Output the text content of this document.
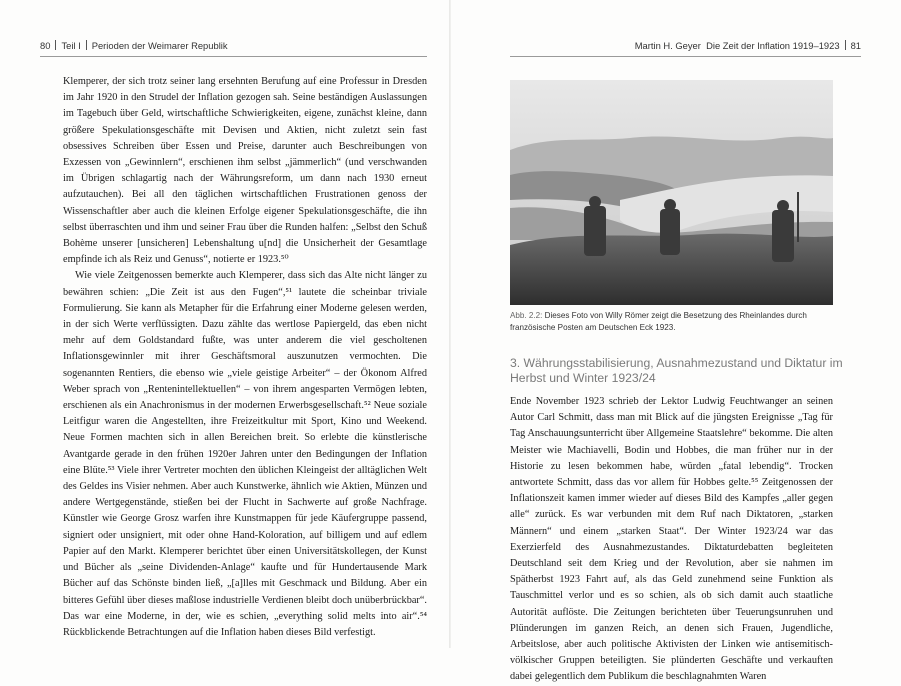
80 Teil I Perioden der Weimarer Republik	Martin H. Geyer Die Zeit der Inflation 1919–1923 81

Klemperer, der sich trotz seiner lang ersehnten Berufung auf eine Professur in Dresden im Jahr 1920 in den Strudel der Inflation gezogen sah. Seine beständigen Auslassungen im Tagebuch über Geld, wirtschaftliche Schwierigkeiten, eigene, zunächst kleine, dann größere Spekulationsgeschäfte mit Devisen und Aktien, nicht zuletzt sein fast obsessives Schreiben über Essen und Preise, darunter auch Beschreibungen von Exzessen von „Gewinnlern“, erschienen ihm selbst „jämmerlich“ (und verschwanden im Übrigen schlagartig nach der Währungsreform, um dann nach 1930 erneut aufzutauchen). Bei all den täglichen wirtschaftlichen Frustrationen genoss der Wissenschaftler aber auch die kleinen Erfolge eigener Spekulationsgeschäfte, die ihn selbst überraschten und ihm und seiner Frau über die Runden halfen: „Selbst den Schuß Bohème unserer [unsicheren] Lebenshaltung u[nd] die Unsicherheit der Gesamtlage empfinde ich als Reiz und Genuss“, notierte er 1923.⁵⁰

Wie viele Zeitgenossen bemerkte auch Klemperer, dass sich das Alte nicht länger zu bewähren schien: „Die Zeit ist aus den Fugen“,⁵¹ lautete die scheinbar triviale Formulierung. Sie kann als Metapher für die Erfahrung einer Moderne gelesen werden, in der sich Werte verflüssigten. Dazu zählte das wertlose Papiergeld, das eben nicht mehr auf dem Goldstandard fußte, was unter anderem die viel gescholtenen Inflationsgewinnler mit ihrer Geschäftsmoral auszunutzen vermochten. Die sogenannten Rentiers, die ebenso wie „viele geistige Arbeiter“ – der Ökonom Alfred Weber sprach von „Rentenintellektuellen“ – von ihrem angesparten Vermögen lebten, erschienen als ein Anachronismus in der modernen Erwerbsgesellschaft.⁵² Neue soziale Leitfigur waren die Angestellten, ihre Freizeitkultur mit Sport, Kino und Weekend. Neue Formen machten sich in allen Bereichen breit. So erlebte die künstlerische Avantgarde gerade in den frühen 1920er Jahren unter den Bedingungen der Inflation eine Blüte.⁵³ Viele ihrer Vertreter mochten den üblichen Kleingeist der alltäglichen Welt des Geldes ins Visier nehmen. Aber auch Kunstwerke, ähnlich wie Aktien, Münzen und andere Wertgegenstände, stießen bei der Flucht in Sachwerte auf große Nachfrage. Künstler wie George Grosz warfen ihre Kunstmappen für jede Käufergruppe passend, signiert oder unsigniert, mit oder ohne Hand-Koloration, auf billigem und auf edlem Papier auf den Markt. Klemperer berichtet über einen Universitätskollegen, der Kunst und Bücher als „seine Dividenden-Anlage“ kaufte und für Hundertausende Mark Bücher auf das Schönste binden ließ, „[a]lles mit Geschmack und Bildung. Aber ein bitteres Gefühl über dieses maßlose industrielle Verdienen bleibt doch unüberbrückbar“. Das war eine Moderne, in der, wie es schien, „everything solid melts into air“.⁵⁴ Rückblickende Betrachtungen auf die Inflation haben dieses Bild verfestigt.

Abb. 2.2: Dieses Foto von Willy Römer zeigt die Besetzung des Rheinlandes durch französische Posten am Deutschen Eck 1923.
3. Währungsstabilisierung, Ausnahmezustand und Diktatur im Herbst und Winter 1923/24

Ende November 1923 schrieb der Lektor Ludwig Feuchtwanger an seinen Autor Carl Schmitt, dass man mit Blick auf die jüngsten Ereignisse „Tag für Tag Anschauungsunterricht über Allgemeine Staatslehre“ bekomme. Die alten Meister wie Machiavelli, Bodin und Hobbes, die man früher nur in der Historie zu lesen bekommen habe, würden „fatal lebendig“. Trocken antwortete Schmitt, dass das vor allem für Hobbes gelte.⁵⁵ Zeitgenossen der Inflationszeit kamen immer wieder auf dieses Bild des Kampfes „aller gegen alle“ zurück. Es war verbunden mit dem Ruf nach Diktatoren, „starken Männern“ und einem „starken Staat“. Der Winter 1923/24 war das Exerzierfeld des Ausnahmezustandes. Diktaturdebatten begleiteten Deutschland seit dem Krieg und der Revolution, aber sie nahmen im Spätherbst 1923 Fahrt auf, als das Geld zunehmend seine Funktion als Tauschmittel verlor und es so schien, als ob sich damit auch staatliche Autorität auflöste. Die Zeitungen berichteten über Teuerungsunruhen und Plünderungen im ganzen Reich, an denen sich Frauen, Jugendliche, Arbeitslose, aber auch politische Aktivisten der Linken wie antisemitisch-völkischer Gruppen beteiligten. Sie plünderten Geschäfte und verkauften dabei gelegentlich dem Publikum die beschlagnahmten Waren
